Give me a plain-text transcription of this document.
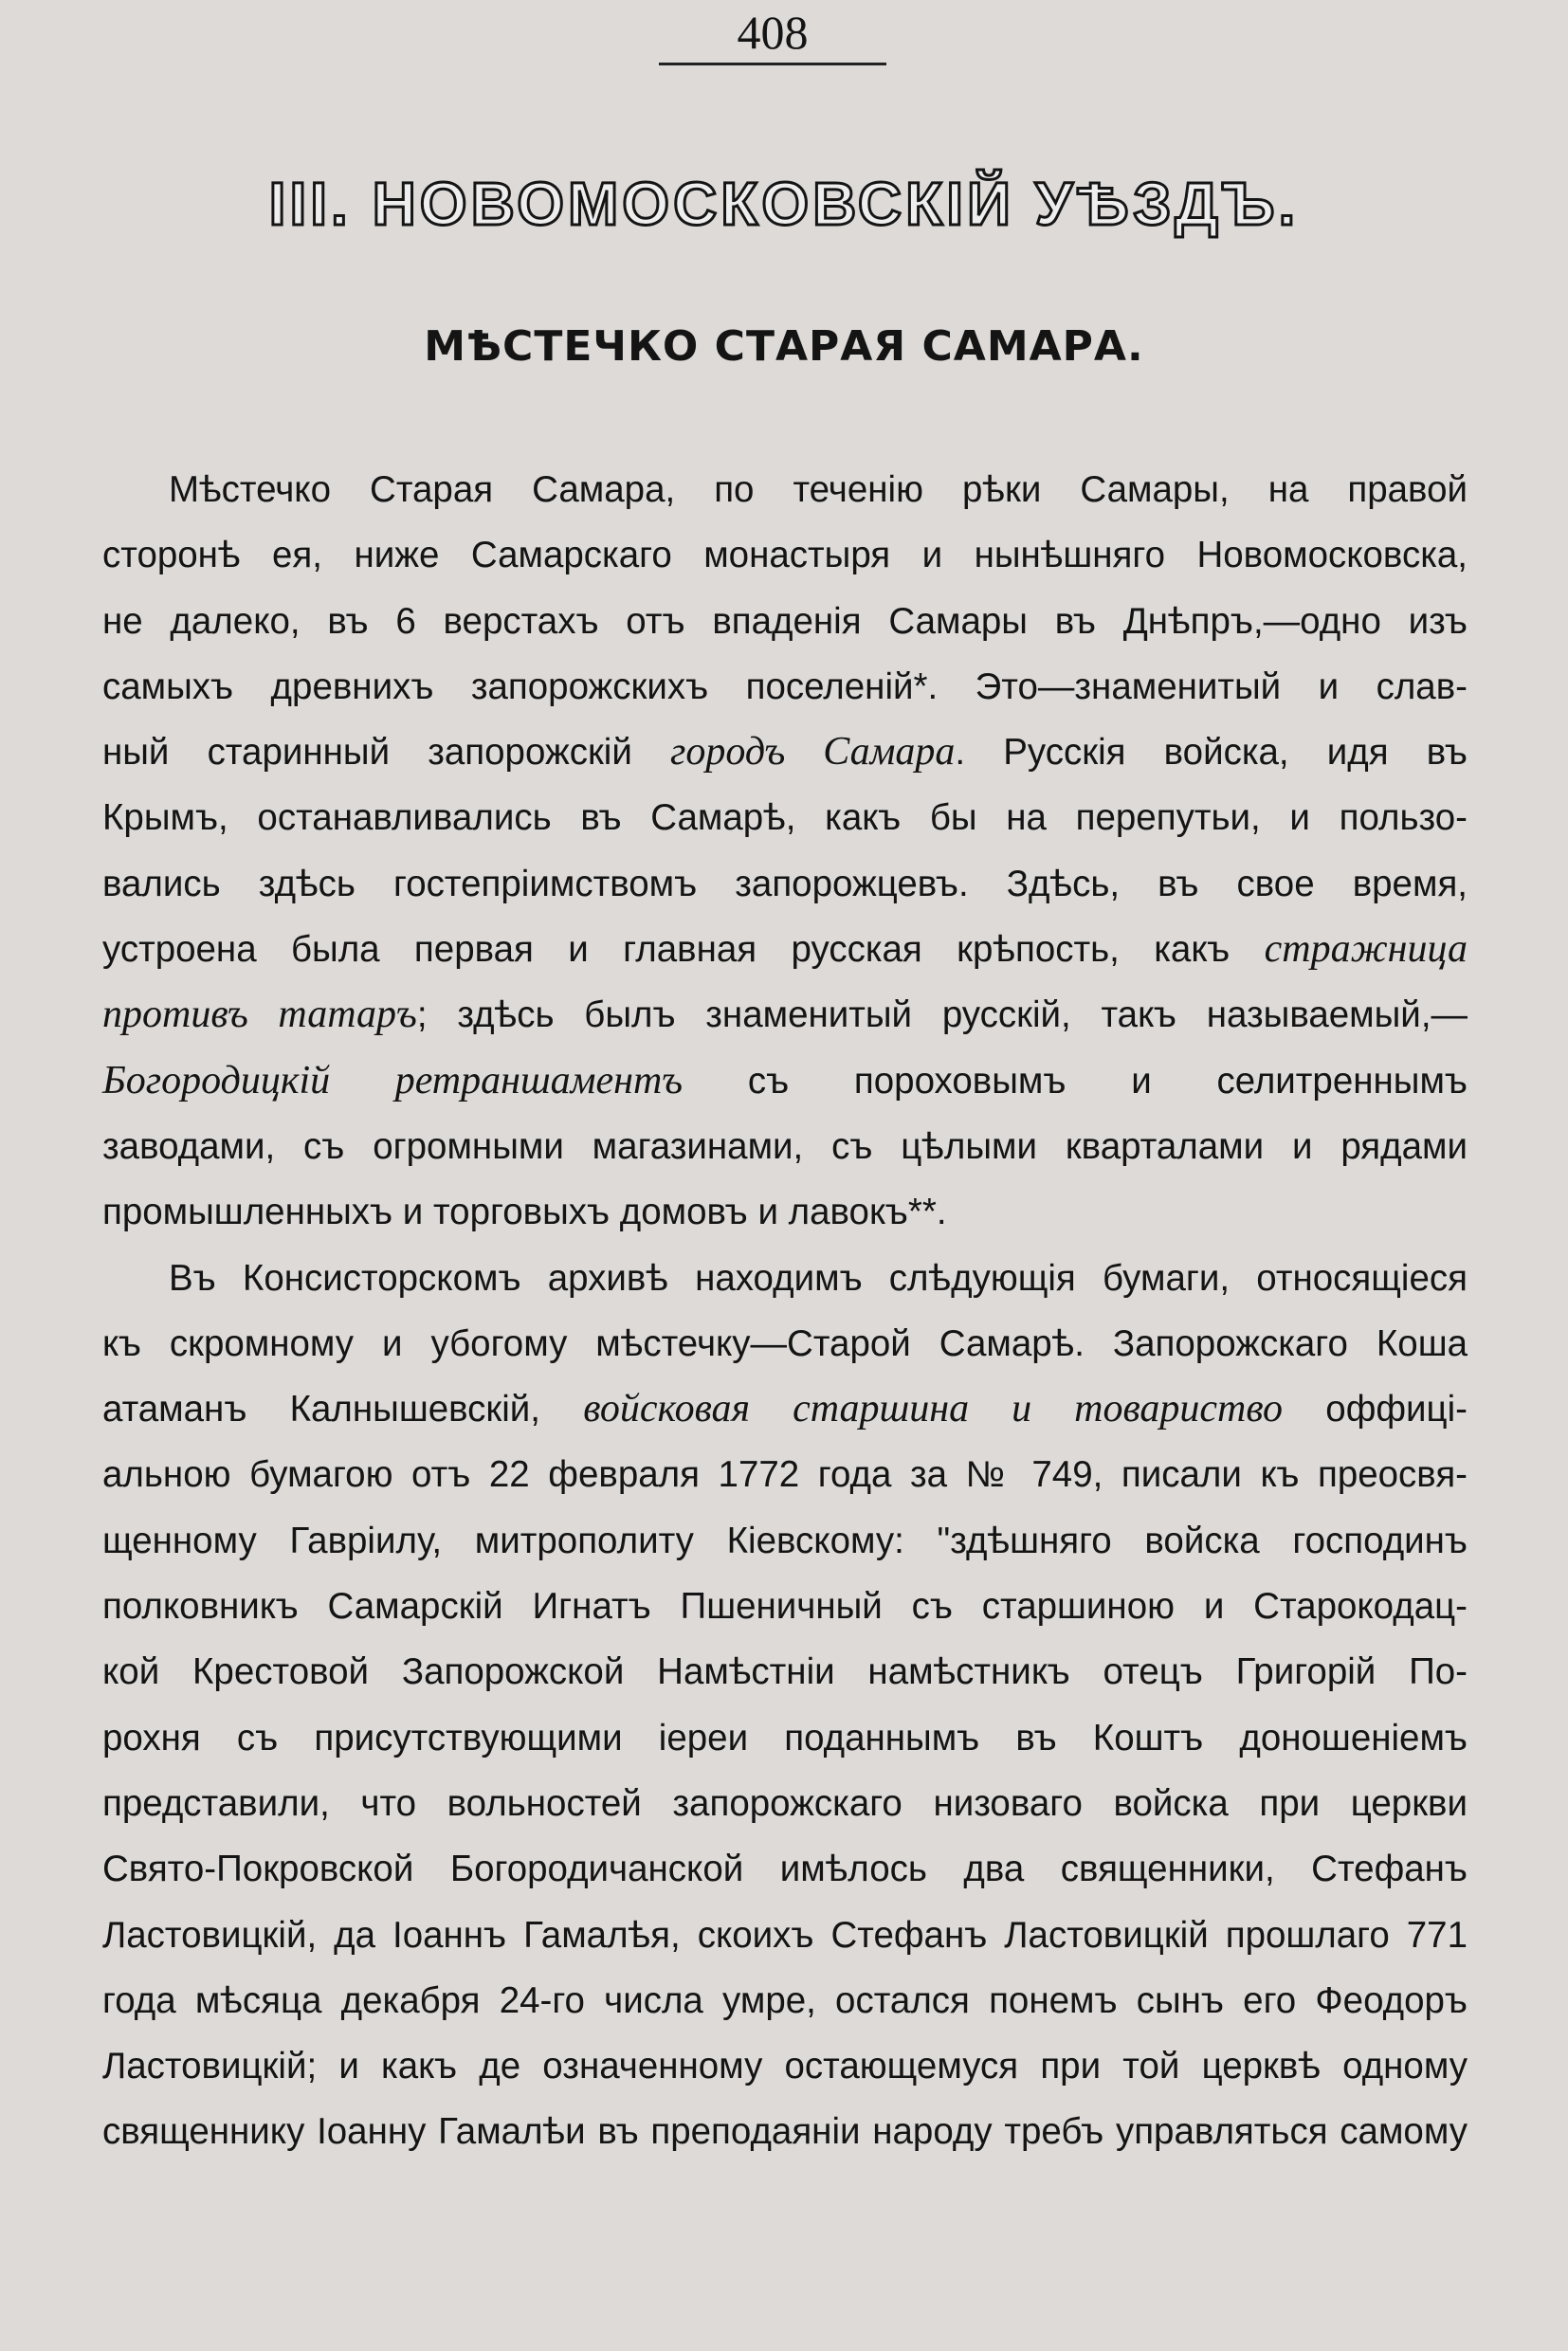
408
III. НОВОМОСКОВСКІЙ УѢЗДЪ.
МѢСТЕЧКО СТАРАЯ САМАРА.
Мѣстечко Старая Самара, по теченію рѣки Самары, на правой
сторонѣ ея, ниже Самарскаго монастыря и нынѣшняго Новомосковска,
не далеко, въ 6 верстахъ отъ впаденія Самары въ Днѣпръ,—одно изъ
самыхъ древнихъ запорожскихъ поселеній*. Это—знаменитый и слав-
ный старинный запорожскій городъ Самара. Русскія войска, идя въ
Крымъ, останавливались въ Самарѣ, какъ бы на перепутьи, и пользо-
вались здѣсь гостепріимствомъ запорожцевъ. Здѣсь, въ свое время,
устроена была первая и главная русская крѣпость, какъ стражница
противъ татаръ; здѣсь былъ знаменитый русскій, такъ называемый,—
Богородицкій ретраншаментъ съ пороховымъ и селитреннымъ
заводами, съ огромными магазинами, съ цѣлыми кварталами и рядами
промышленныхъ и торговыхъ домовъ и лавокъ**.
Въ Консисторскомъ архивѣ находимъ слѣдующія бумаги, относящіеся
къ скромному и убогому мѣстечку—Старой Самарѣ. Запорожскаго Коша
атаманъ Калнышевскій, войсковая старшина и товариство оффиці-
альною бумагою отъ 22 февраля 1772 года за № 749, писали къ преосвя-
щенному Гавріилу, митрополиту Кіевскому: "здѣшняго войска господинъ
полковникъ Самарскій Игнатъ Пшеничный съ старшиною и Старокодац-
кой Крестовой Запорожской Намѣстніи намѣстникъ отецъ Григорій По-
рохня съ присутствующими іереи поданнымъ въ Коштъ доношеніемъ
представили, что вольностей запорожскаго низоваго войска при церкви
Свято-Покровской Богородичанской имѣлось два священники, Стефанъ
Ластовицкій, да Іоаннъ Гамалѣя, скоихъ Стефанъ Ластовицкій прошлаго 771
года мѣсяца декабря 24-го числа умре, остался понемъ сынъ его Феодоръ
Ластовицкій; и какъ де означенному остающемуся при той церквѣ одному
священнику Іоанну Гамалѣи въ преподаяніи народу требъ управляться самому
